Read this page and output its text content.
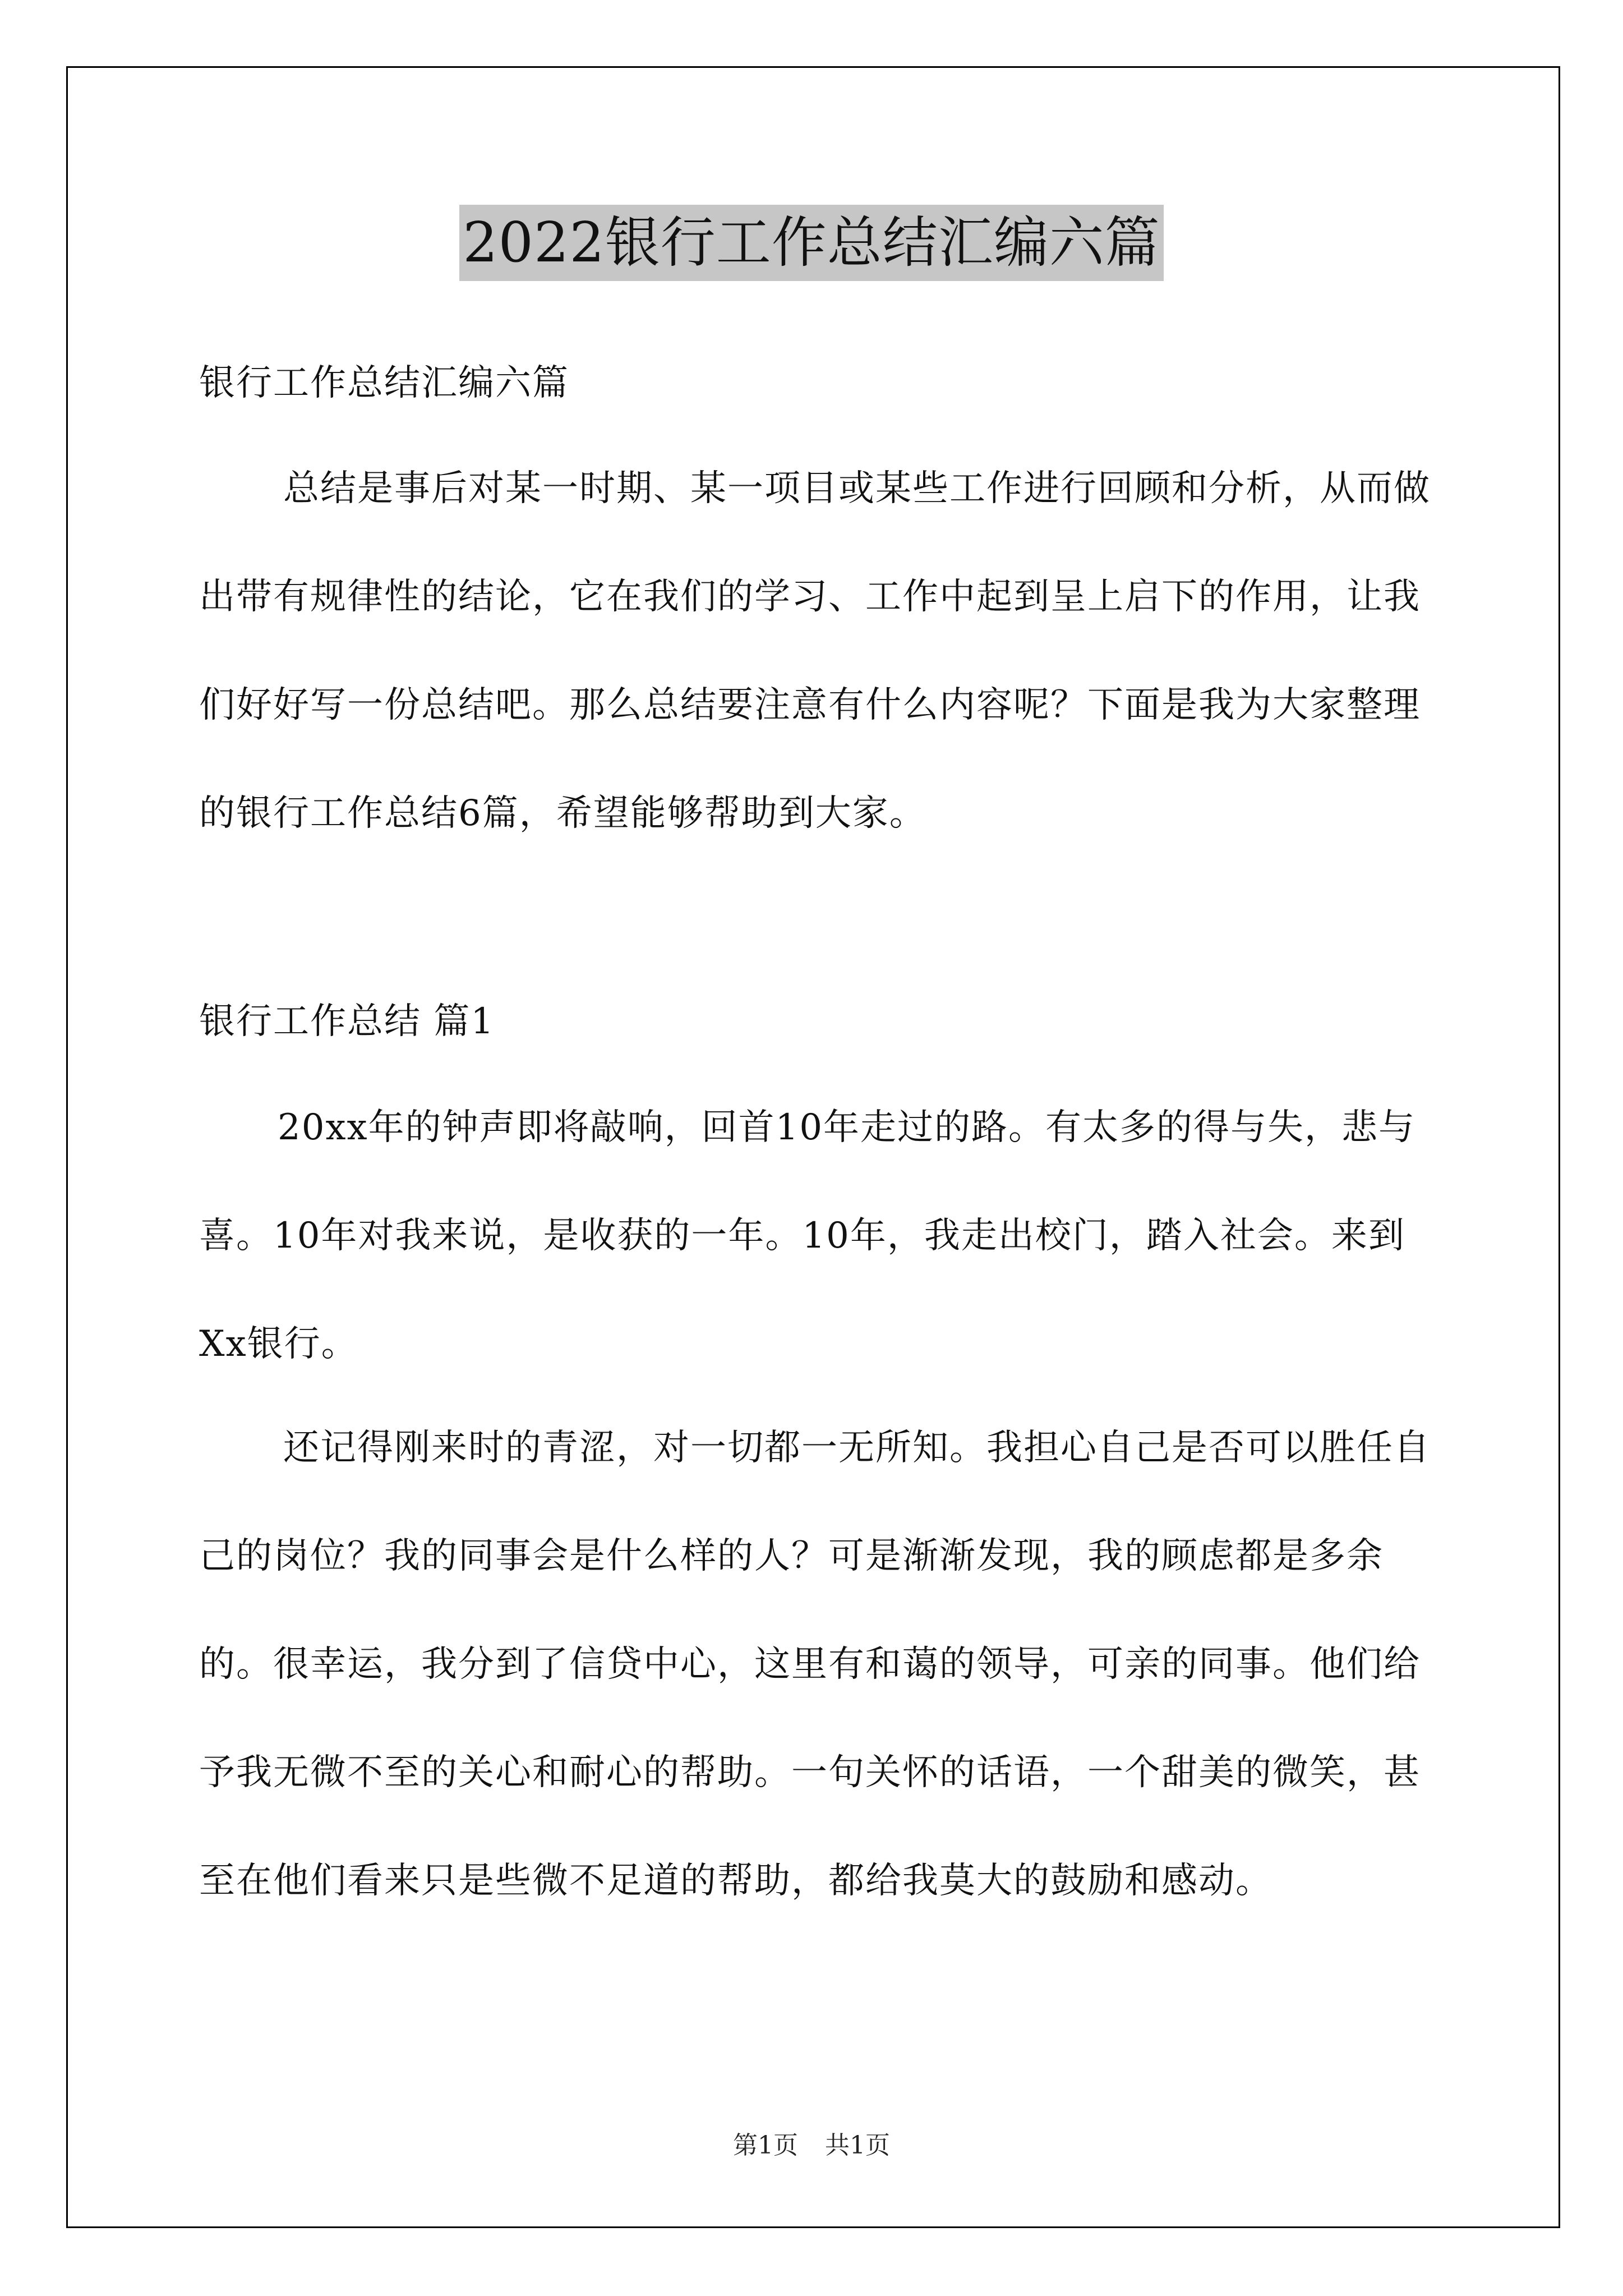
2022银行工作总结汇编六篇

银行工作总结汇编六篇

总结是事后对某一时期、某一项目或某些工作进行回顾和分析，从而做出带有规律性的结论，它在我们的学习、工作中起到呈上启下的作用，让我们好好写一份总结吧。那么总结要注意有什么内容呢？下面是我为大家整理的银行工作总结6篇，希望能够帮助到大家。

银行工作总结 篇1

20xx年的钟声即将敲响，回首10年走过的路。有太多的得与失，悲与喜。10年对我来说，是收获的一年。10年，我走出校门，踏入社会。来到Xx银行。

还记得刚来时的青涩，对一切都一无所知。我担心自己是否可以胜任自己的岗位？我的同事会是什么样的人？可是渐渐发现，我的顾虑都是多余的。很幸运，我分到了信贷中心，这里有和蔼的领导，可亲的同事。他们给予我无微不至的关心和耐心的帮助。一句关怀的话语，一个甜美的微笑，甚至在他们看来只是些微不足道的帮助，都给我莫大的鼓励和感动。

第1页 共1页
